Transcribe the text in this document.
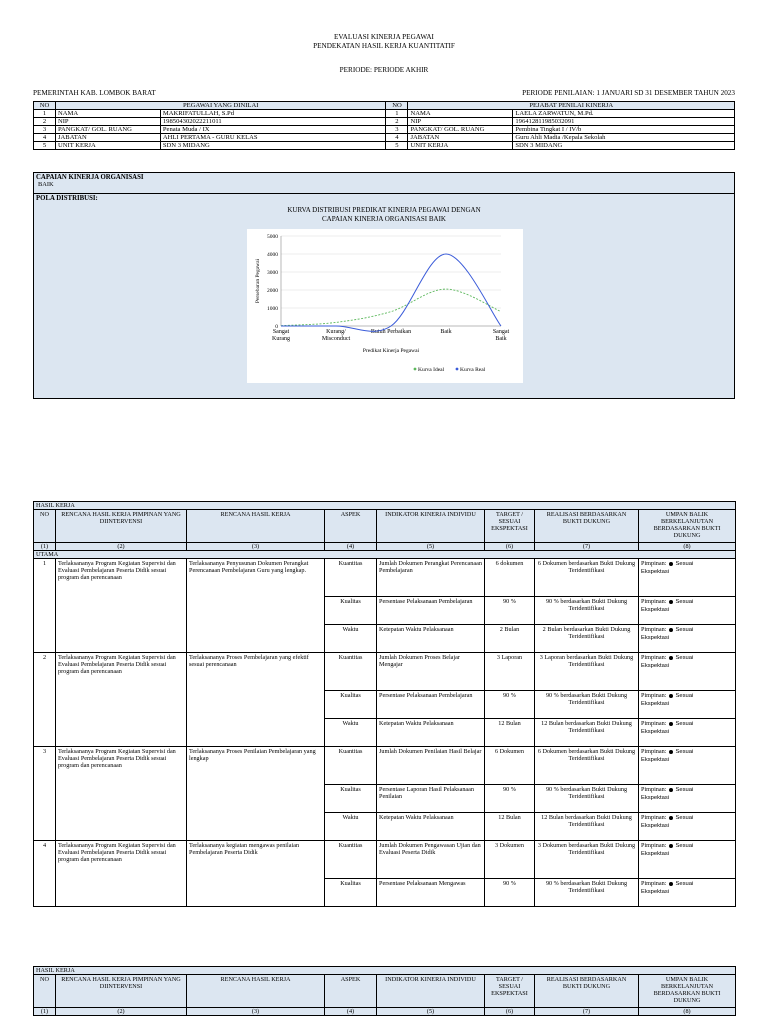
EVALUASI KINERJA PEGAWAI
PENDEKATAN HASIL KERJA KUANTITATIF
PERIODE: PERIODE AKHIR
PEMERINTAH KAB. LOMBOK BARAT	PERIODE PENILAIAN: 1 JANUARI SD 31 DESEMBER TAHUN 2023
NO	PEGAWAI YANG DINILAI		NO	PEJABAT PENILAI KINERJA	
1	NAMA	MAKRIFATULLAH, S.Pd	1	NAMA	LAELA ZARWATUN, M.Pd.
2	NIP	198504302022211011	2	NIP	196412811985032091
3	PANGKAT/ GOL. RUANG	Penata Muda / IX	3	PANGKAT/ GOL. RUANG	Pembina Tingkat I / IV/b
4	JABATAN	AHLI PERTAMA - GURU KELAS	4	JABATAN	Guru Ahli Madia /Kepala Sekolah
5	UNIT KERJA	SDN 3 MIDANG	5	UNIT KERJA	SDN 3 MIDANG
CAPAIAN KINERJA ORGANISASI
BAIK
POLA DISTRIBUSI:
KURVA DISTRIBUSI PREDIKAT KINERJA PEGAWAI DENGAN
CAPAIAN KINERJA ORGANISASI BAIK
0
1000
2000
3000
4000
5000
Sangat Kurang
Kurang/ Misconduct
Butuh Perbaikan	Baik	Sangat Baik
Predikat Kinerja Pegawai
Persebaran Pegawai
Kurva Ideal	Kurva Real
HASIL KERJA							
NO	RENCANA HASIL KERJA PIMPINAN YANG DIINTERVENSI	RENCANA HASIL KERJA	ASPEK	INDIKATOR KINERJA INDIVIDU	TARGET / SESUAI EKSPEKTASI	REALISASI BERDASARKAN BUKTI DUKUNG	UMPAN BALIK BERKELANJUTAN BERDASARKAN BUKTI DUKUNG
(1)	(2)	(3)	(4)	(5)	(6)	(7)	(8)
UTAMA							
1	Terlaksananya Program Kegiatan Supervisi dan Evaluasi Pembelajaran Peserta Didik sesuai program dan perencanaan	Terlaksananya Penyusunan Dokumen Perangkat Perencanaan Pembelajaran Guru yang lengkap.	Kuantitas	Jumlah Dokumen Perangkat Perencanaan Pembelajaran	6 dokumen	6 Dokumen berdasarkan Bukti Dukung Teridentifikasi	Pimpinan: Sesuai
Ekspektasi
			Kualitas	Persentase Pelaksanaan Pembelajaran	90 %	90 % berdasarkan Bukti Dukung Teridentifikasi	Pimpinan: Sesuai
Ekspektasi
			Waktu	Ketepatan Waktu Pelaksanaan	2 Bulan	2 Bulan berdasarkan Bukti Dukung Teridentifikasi	Pimpinan: Sesuai
Ekspektasi
2	Terlaksananya Program Kegiatan Supervisi dan Evaluasi Pembelajaran Peserta Didik sesuai program dan perencanaan	Terlaksananya Proses Pembelajaran yang efektif sesuai perencanaan	Kuantitas	Jumlah Dokumen Proses Belajar Mengajar	3 Laporan	3 Laporan berdasarkan Bukti Dukung Teridentifikasi	Pimpinan: Sesuai
Ekspektasi
			Kualitas	Persentase Pelaksanaan Pembelajaran	90 %	90 % berdasarkan Bukti Dukung Teridentifikasi	Pimpinan: Sesuai
Ekspektasi
			Waktu	Ketepatan Waktu Pelaksanaan	12 Bulan	12 Bulan berdasarkan Bukti Dukung Teridentifikasi	Pimpinan: Sesuai
Ekspektasi
3	Terlaksananya Program Kegiatan Supervisi dan Evaluasi Pembelajaran Peserta Didik sesuai program dan perencanaan	Terlaksananya Proses Penilaian Pembelajaran yang lengkap	Kuantitas	Jumlah Dokumen Penilaian Hasil Belajar	6 Dokumen	6 Dokumen berdasarkan Bukti Dukung Teridentifikasi	Pimpinan: Sesuai
Ekspektasi
			Kualitas	Persentase Laporan Hasil Pelaksanaan Penilaian	90 %	90 % berdasarkan Bukti Dukung Teridentifikasi	Pimpinan: Sesuai
Ekspektasi
			Waktu	Ketepatan Waktu Pelaksanaan	12 Bulan	12 Bulan berdasarkan Bukti Dukung Teridentifikasi	Pimpinan: Sesuai
Ekspektasi
4	Terlaksananya Program Kegiatan Supervisi dan Evaluasi Pembelajaran Peserta Didik sesuai program dan perencanaan	Terlaksananya kegiatan mengawas penilaian Pembelajaran Peserta Didik	Kuantitas	Jumlah Dokumen Pengawasan Ujian dan Evaluasi Peserta Didik	3 Dokumen	3 Dokumen berdasarkan Bukti Dukung Teridentifikasi	Pimpinan: Sesuai
Ekspektasi
			Kualitas	Persentase Pelaksanaan Mengawas	90 %	90 % berdasarkan Bukti Dukung Teridentifikasi	Pimpinan: Sesuai
Ekspektasi
HASIL KERJA							
NO	RENCANA HASIL KERJA PIMPINAN YANG DIINTERVENSI	RENCANA HASIL KERJA	ASPEK	INDIKATOR KINERJA INDIVIDU	TARGET / SESUAI EKSPEKTASI	REALISASI BERDASARKAN BUKTI DUKUNG	UMPAN BALIK BERKELANJUTAN BERDASARKAN BUKTI DUKUNG
(1)	(2)	(3)	(4)	(5)	(6)	(7)	(8)
